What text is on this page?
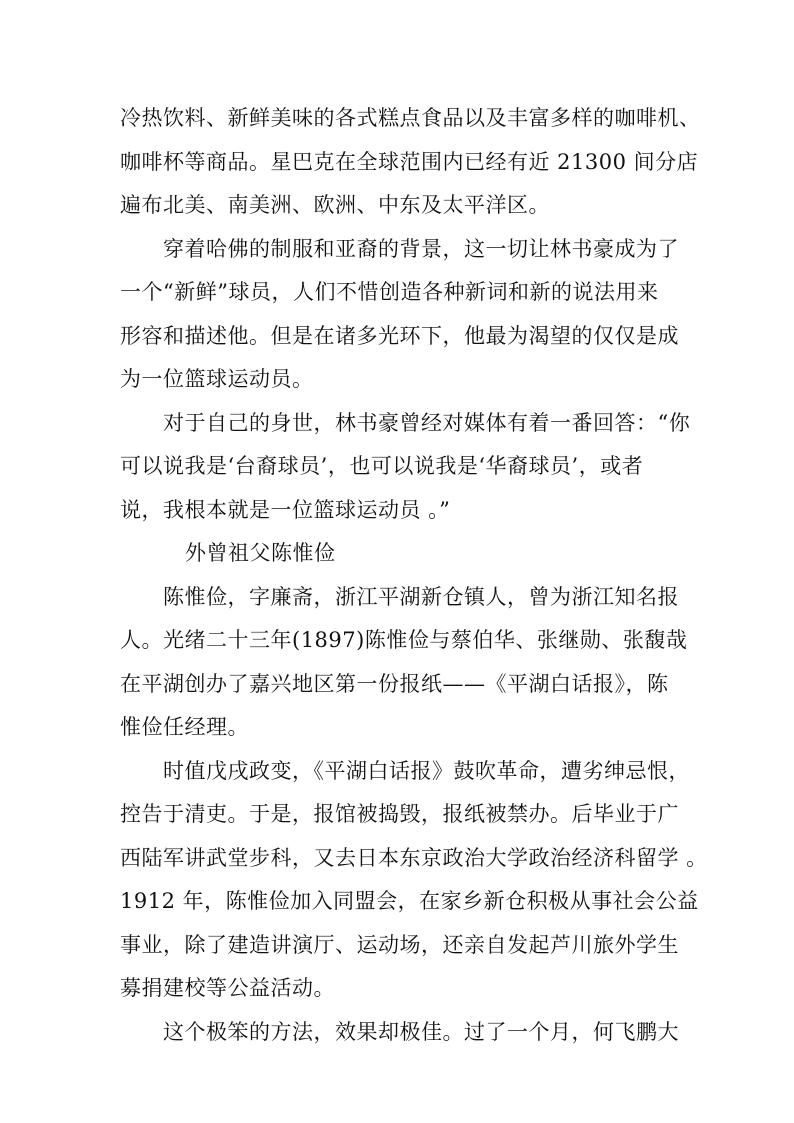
冷热饮料、新鲜美味的各式糕点食品以及丰富多样的咖啡机、
咖啡杯等商品。星巴克在全球范围内已经有近 21300 间分店
遍布北美、南美洲、欧洲、中东及太平洋区。
穿着哈佛的制服和亚裔的背景，这一切让林书豪成为了
一个“新鲜”球员，人们不惜创造各种新词和新的说法用来
形容和描述他。但是在诸多光环下，他最为渴望的仅仅是成
为一位篮球运动员。
对于自己的身世，林书豪曾经对媒体有着一番回答：“你
可以说我是‘台裔球员’，也可以说我是‘华裔球员’，或者
说，我根本就是一位篮球运动员 。”
外曾祖父陈惟俭
陈惟俭，字廉斋，浙江平湖新仓镇人，曾为浙江知名报
人。光绪二十三年(1897)陈惟俭与蔡伯华、张继勋、张馥哉
在平湖创办了嘉兴地区第一份报纸——《平湖白话报》，陈
惟俭任经理。
时值戊戌政变，《平湖白话报》鼓吹革命，遭劣绅忌恨，
控告于清吏。于是，报馆被捣毁，报纸被禁办。后毕业于广
西陆军讲武堂步科，又去日本东京政治大学政治经济科留学 。
1912 年，陈惟俭加入同盟会，在家乡新仓积极从事社会公益
事业，除了建造讲演厅、运动场，还亲自发起芦川旅外学生
募捐建校等公益活动。
这个极笨的方法，效果却极佳。过了一个月，何飞鹏大
